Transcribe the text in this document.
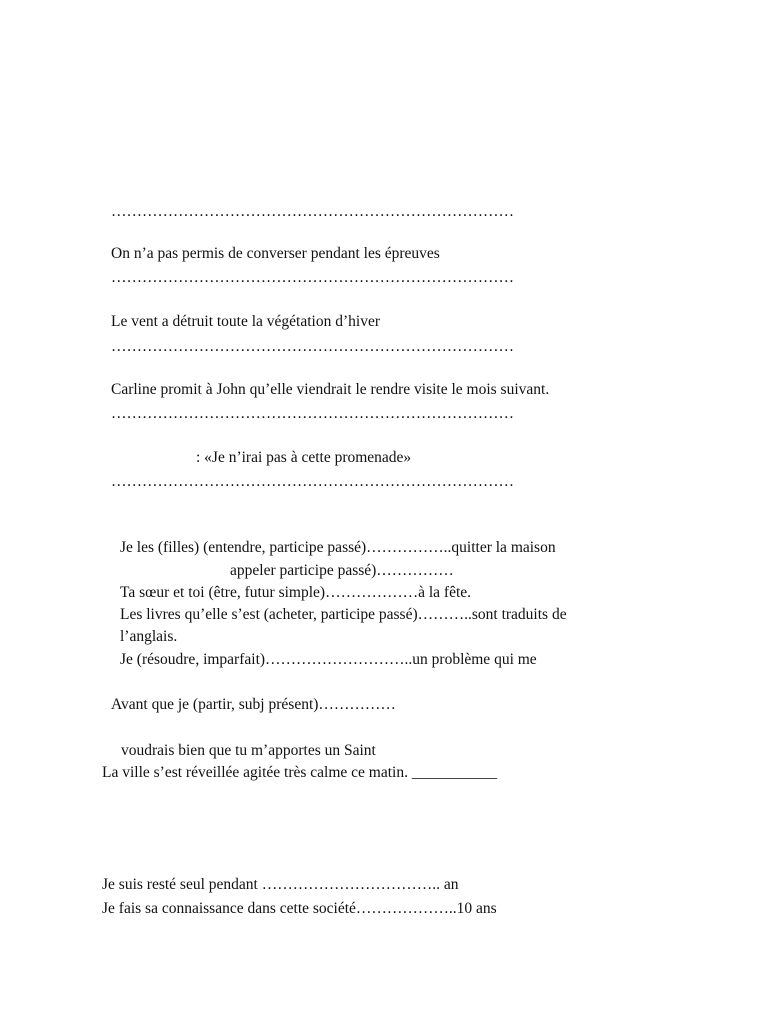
……………………………………………………………………
On n’a pas permis de converser pendant les épreuves
……………………………………………………………………
Le vent a détruit toute la végétation d’hiver
……………………………………………………………………
Carline promit à John qu’elle viendrait le rendre visite le mois suivant.
……………………………………………………………………
: «Je n’irai pas à cette promenade»
……………………………………………………………………
Je les (filles) (entendre, participe passé)……………..quitter la maison
appeler participe passé)……………
Ta sœur et toi (être, futur simple)………………à la fête.
Les livres qu’elle s’est (acheter, participe passé)………..sont traduits de
l’anglais.
Je (résoudre, imparfait)………………………..un problème qui me
Avant que je (partir, subj présent)……………
voudrais bien que tu m’apportes un Saint
La ville s’est réveillée agitée très calme ce matin. ___________
Je suis resté seul pendant …………………………….. an
Je fais sa connaissance dans cette société………………..10 ans
